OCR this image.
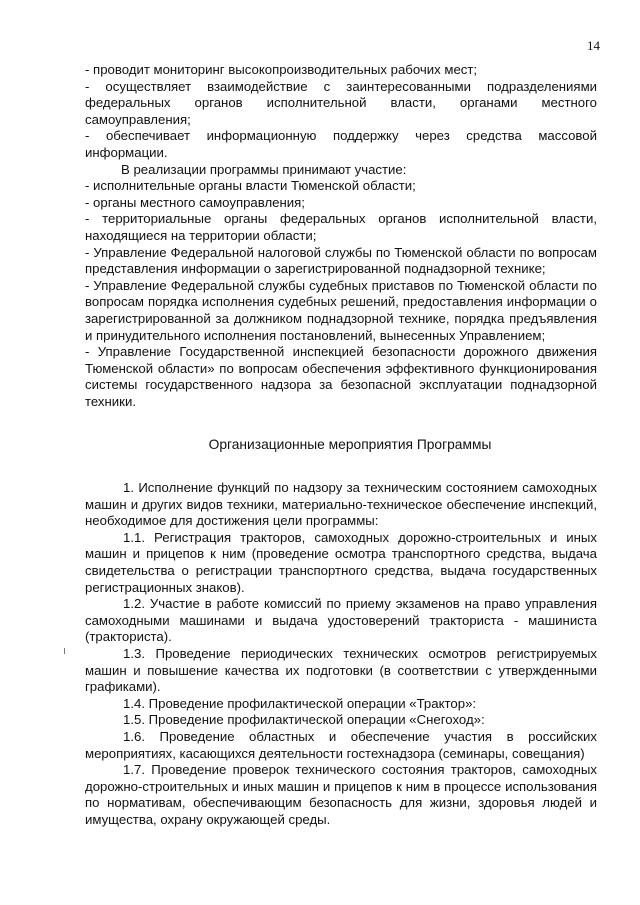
14

- проводит мониторинг высокопроизводительных рабочих мест;

- осуществляет взаимодействие с заинтересованными подразделениями федеральных органов исполнительной власти, органами местного самоуправления;

- обеспечивает информационную поддержку через средства массовой информации.

В реализации программы принимают участие:

- исполнительные органы власти Тюменской области;

- органы местного самоуправления;

- территориальные органы федеральных органов исполнительной власти, находящиеся на территории области;

- Управление Федеральной налоговой службы по Тюменской области по вопросам представления информации о зарегистрированной поднадзорной технике;

- Управление Федеральной службы судебных приставов по Тюменской области по вопросам порядка исполнения судебных решений, предоставления информации о зарегистрированной за должником поднадзорной технике, порядка предъявления и принудительного исполнения постановлений, вынесенных Управлением;

- Управление Государственной инспекцией безопасности дорожного движения Тюменской области» по вопросам обеспечения эффективного функционирования системы государственного надзора за безопасной эксплуатации поднадзорной техники.

Организационные мероприятия Программы

1. Исполнение функций по надзору за техническим состоянием самоходных машин и других видов техники, материально-техническое обеспечение инспекций, необходимое для достижения цели программы:

1.1. Регистрация тракторов, самоходных дорожно-строительных и иных машин и прицепов к ним (проведение осмотра транспортного средства, выдача свидетельства о регистрации транспортного средства, выдача государственных регистрационных знаков).

1.2. Участие в работе комиссий по приему экзаменов на право управления самоходными машинами и выдача удостоверений тракториста - машиниста (тракториста).

1.3. Проведение периодических технических осмотров регистрируемых машин и повышение качества их подготовки (в соответствии с утвержденными графиками).

1.4. Проведение профилактической операции «Трактор»:

1.5. Проведение профилактической операции «Снегоход»:

1.6. Проведение областных и обеспечение участия в российских мероприятиях, касающихся деятельности гостехнадзора (семинары, совещания)

1.7. Проведение проверок технического состояния тракторов, самоходных дорожно-строительных и иных машин и прицепов к ним в процессе использования по нормативам, обеспечивающим безопасность для жизни, здоровья людей и имущества, охрану окружающей среды.
